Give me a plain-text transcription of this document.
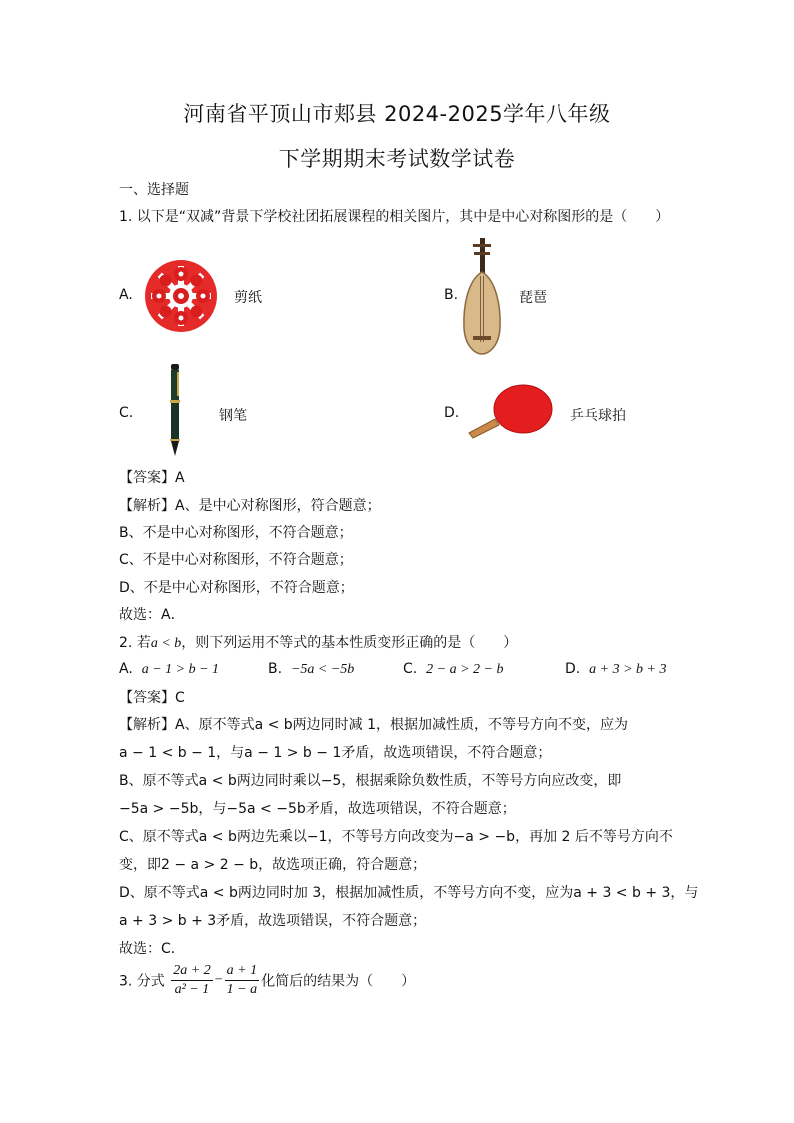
河南省平顶山市郏县 2024-2025学年八年级
下学期期末考试数学试卷
一、选择题
1. 以下是“双减”背景下学校社团拓展课程的相关图片，其中是中心对称图形的是（　　）
A.	剪纸	B.	琵琶
C.	钢笔	D.	乒乓球拍
【答案】A
【解析】A、是中心对称图形，符合题意；
B、不是中心对称图形，不符合题意；
C、不是中心对称图形，不符合题意；
D、不是中心对称图形，不符合题意；
故选：A．
2. 若a < b，则下列运用不等式的基本性质变形正确的是（　　）
A. a − 1 > b − 1	B. −5a < −5b	C. 2 − a > 2 − b	D. a + 3 > b + 3
【答案】C
【解析】A、原不等式a < b两边同时减 1，根据加减性质，不等号方向不变，应为
a − 1 < b − 1，与a − 1 > b − 1矛盾，故选项错误，不符合题意；
B、原不等式a < b两边同时乘以−5，根据乘除负数性质，不等号方向应改变，即
−5a > −5b，与−5a < −5b矛盾，故选项错误，不符合题意；
C、原不等式a < b两边先乘以−1，不等号方向改变为−a > −b，再加 2 后不等号方向不
变，即2 − a > 2 − b，故选项正确，符合题意；
D、原不等式a < b两边同时加 3，根据加减性质，不等号方向不变，应为a + 3 < b + 3，与
a + 3 > b + 3矛盾，故选项错误，不符合题意；
故选：C．
3. 分式 $\frac{2a + 2}{\text{a² − 1}} - \frac{a + 1}{1 - a}$ 化简后的结果为（　　）
